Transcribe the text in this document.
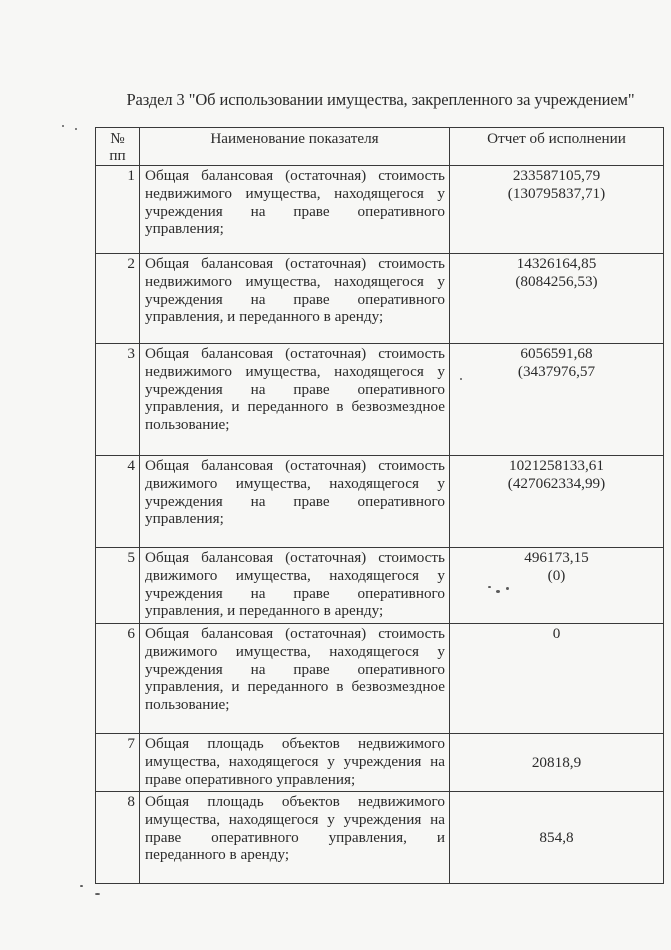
Раздел 3 "Об использовании имущества, закрепленного за учреждением"
№
пп	Наименование показателя	Отчет об исполнении
1	Общая балансовая (остаточная) стоимость недвижимого имущества, находящегося у учреждения на праве оперативного управления;	233587105,79
(130795837,71)

2	Общая балансовая (остаточная) стоимость недвижимого имущества, находящегося у учреждения на праве оперативного управления, и переданного в аренду;	14326164,85
(8084256,53)

3	Общая балансовая (остаточная) стоимость недвижимого имущества, находящегося у учреждения на праве оперативного управления, и переданного в безвозмездное пользование;	6056591,68
(3437976,57

4	Общая балансовая (остаточная) стоимость движимого имущества, находящегося у учреждения на праве оперативного управления;	1021258133,61
(427062334,99)

5	Общая балансовая (остаточная) стоимость движимого имущества, находящегося у учреждения на праве оперативного управления, и переданного в аренду;	496173,15
(0)

6	Общая балансовая (остаточная) стоимость движимого имущества, находящегося у учреждения на праве оперативного управления, и переданного в безвозмездное пользование;	0

7	Общая площадь объектов недвижимого имущества, находящегося у учреждения на праве оперативного управления;	20818,9

8	Общая площадь объектов недвижимого имущества, находящегося у учреждения на праве оперативного управления, и переданного в аренду;	854,8
